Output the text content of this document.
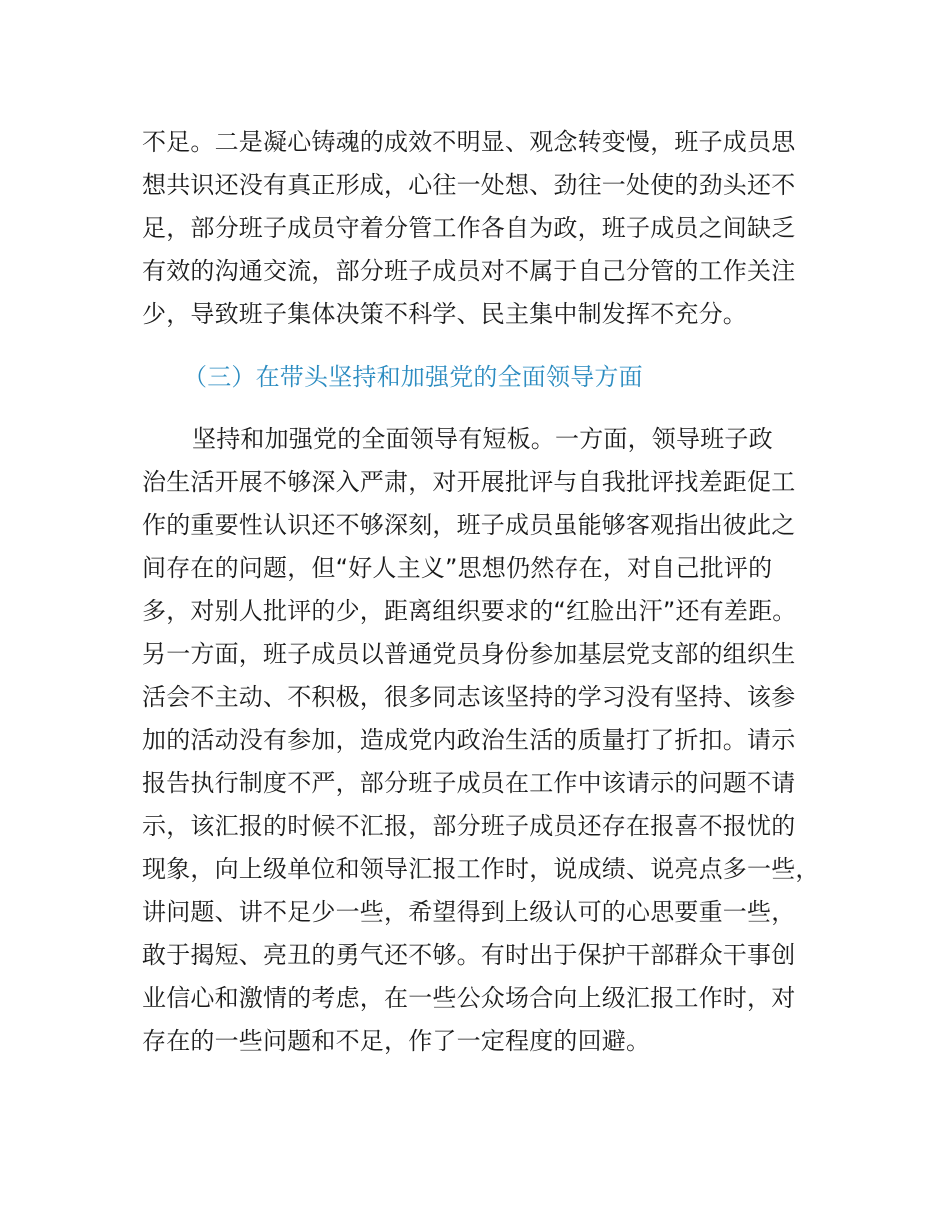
不足。二是凝心铸魂的成效不明显、观念转变慢，班子成员思
想共识还没有真正形成，心往一处想、劲往一处使的劲头还不
足，部分班子成员守着分管工作各自为政，班子成员之间缺乏
有效的沟通交流，部分班子成员对不属于自己分管的工作关注
少，导致班子集体决策不科学、民主集中制发挥不充分。
（三）在带头坚持和加强党的全面领导方面
坚持和加强党的全面领导有短板。一方面，领导班子政
治生活开展不够深入严肃，对开展批评与自我批评找差距促工
作的重要性认识还不够深刻，班子成员虽能够客观指出彼此之
间存在的问题，但“好人主义”思想仍然存在，对自己批评的
多，对别人批评的少，距离组织要求的“红脸出汗”还有差距。
另一方面，班子成员以普通党员身份参加基层党支部的组织生
活会不主动、不积极，很多同志该坚持的学习没有坚持、该参
加的活动没有参加，造成党内政治生活的质量打了折扣。请示
报告执行制度不严，部分班子成员在工作中该请示的问题不请
示，该汇报的时候不汇报，部分班子成员还存在报喜不报忧的
现象，向上级单位和领导汇报工作时，说成绩、说亮点多一些，
讲问题、讲不足少一些，希望得到上级认可的心思要重一些，
敢于揭短、亮丑的勇气还不够。有时出于保护干部群众干事创
业信心和激情的考虑，在一些公众场合向上级汇报工作时，对
存在的一些问题和不足，作了一定程度的回避。
